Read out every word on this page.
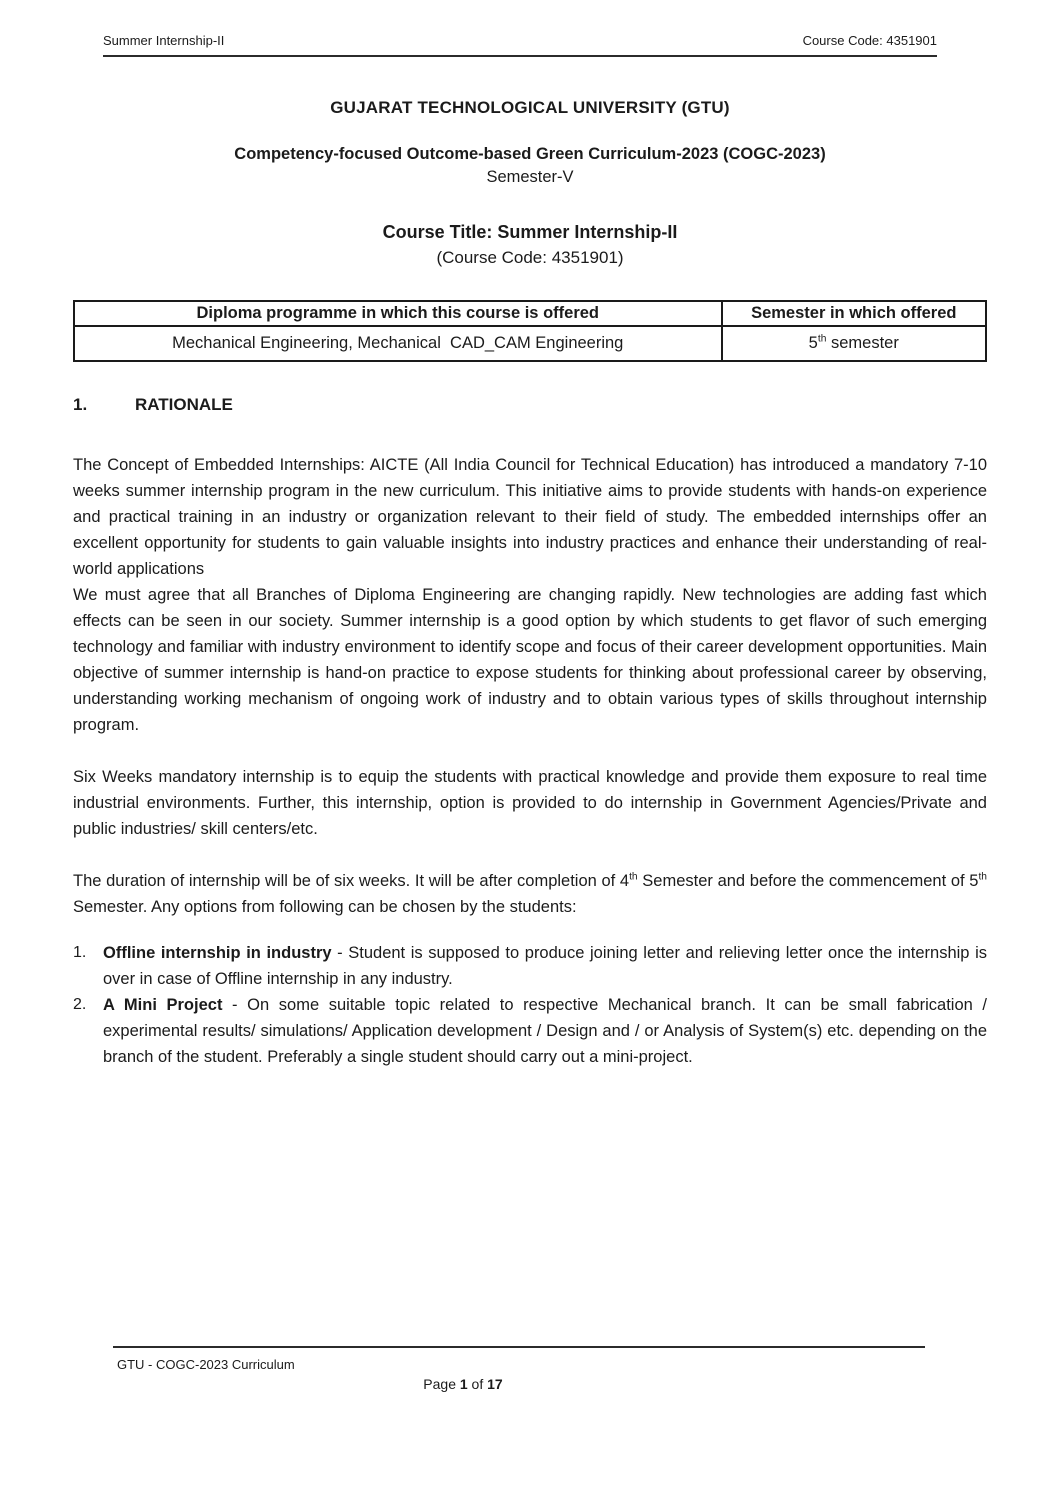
Summer Internship-II	Course Code: 4351901

GUJARAT TECHNOLOGICAL UNIVERSITY (GTU)

Competency-focused Outcome-based Green Curriculum-2023 (COGC-2023)

Semester-V

Course Title: Summer Internship-II

(Course Code: 4351901)

Diploma programme in which this course is offered	Semester in which offered
Mechanical Engineering, Mechanical  CAD_CAM Engineering	5th semester
1.	RATIONALE

The Concept of Embedded Internships: AICTE (All India Council for Technical Education) has introduced a mandatory 7-10 weeks summer internship program in the new curriculum. This initiative aims to provide students with hands-on experience and practical training in an industry or organization relevant to their field of study. The embedded internships offer an excellent opportunity for students to gain valuable insights into industry practices and enhance their understanding of real-world applications

We must agree that all Branches of Diploma Engineering are changing rapidly. New technologies are adding fast which effects can be seen in our society. Summer internship is a good option by which students to get flavor of such emerging technology and familiar with industry environment to identify scope and focus of their career development opportunities. Main objective of summer internship is hand-on practice to expose students for thinking about professional career by observing, understanding working mechanism of ongoing work of industry and to obtain various types of skills throughout internship program.

Six Weeks mandatory internship is to equip the students with practical knowledge and provide them exposure to real time industrial environments. Further, this internship, option is provided to do internship in Government Agencies/Private and public industries/ skill centers/etc.

The duration of internship will be of six weeks. It will be after completion of 4th Semester and before the commencement of 5th Semester. Any options from following can be chosen by the students:

1.	Offline internship in industry - Student is supposed to produce joining letter and relieving letter once the internship is over in case of Offline internship in any industry.
2.	A Mini Project - On some suitable topic related to respective Mechanical branch. It can be small fabrication / experimental results/ simulations/ Application development / Design and / or Analysis of System(s) etc. depending on the branch of the student. Preferably a single student should carry out a mini-project.
GTU - COGC-2023 Curriculum
Page 1 of 17
